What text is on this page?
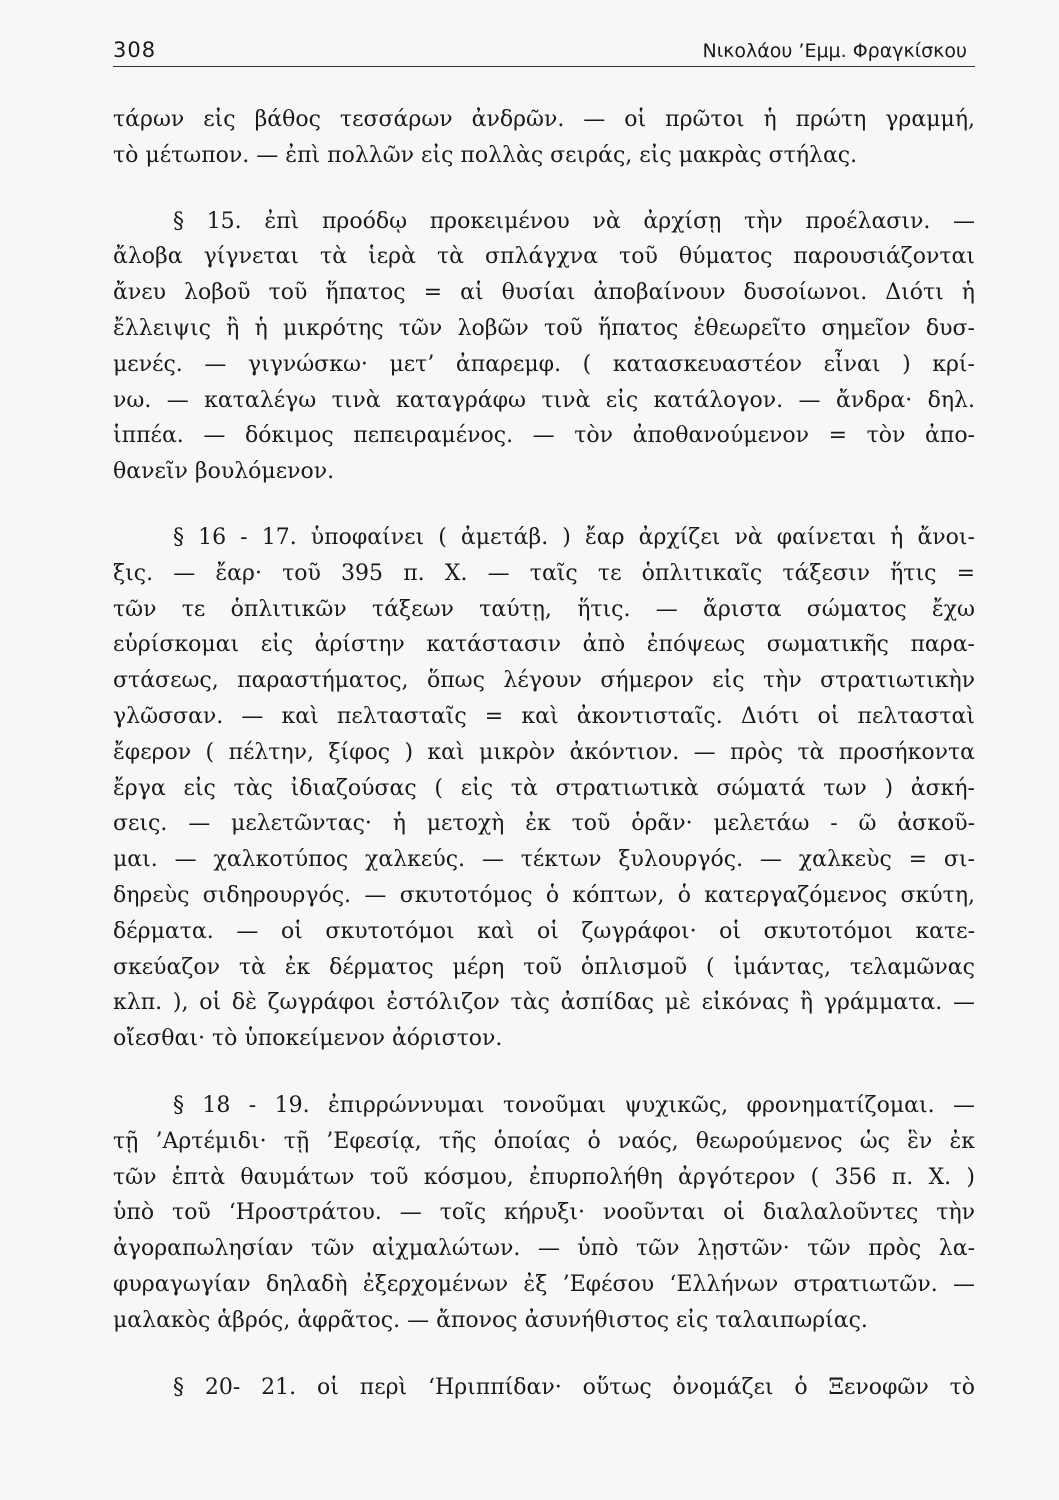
308	Νικολάου ’Εμμ. Φραγκίσκου
τάρων εἰς βάθος τεσσάρων ἀνδρῶν. — οἱ πρῶτοι ἡ πρώτη γραμμή,
τὸ μέτωπον. — ἐπὶ πολλῶν εἰς πολλὰς σειράς, εἰς μακρὰς στήλας.
§ 15. ἐπὶ προόδῳ προκειμένου νὰ ἀρχίσῃ τὴν προέλασιν. —
ἄλοβα γίγνεται τὰ ἱερὰ τὰ σπλάγχνα τοῦ θύματος παρουσιάζονται
ἄνευ λοβοῦ τοῦ ἥπατος = αἱ θυσίαι ἀποβαίνουν δυσοίωνοι. Διότι ἡ
ἔλλειψις ἢ ἡ μικρότης τῶν λοβῶν τοῦ ἥπατος ἐθεωρεῖτο σημεῖον δυσ-
μενές. — γιγνώσκω· μετ’ ἀπαρεμφ. ( κατασκευαστέον εἶναι ) κρί-
νω. — καταλέγω τινὰ καταγράφω τινὰ εἰς κατάλογον. — ἄνδρα· δηλ.
ἱππέα. — δόκιμος πεπειραμένος. — τὸν ἀποθανούμενον = τὸν ἀπο-
θανεῖν βουλόμενον.
§ 16 - 17. ὑποφαίνει ( ἀμετάβ. ) ἔαρ ἀρχίζει νὰ φαίνεται ἡ ἄνοι-
ξις. — ἔαρ· τοῦ 395 π. Χ. — ταῖς τε ὁπλιτικαῖς τάξεσιν ἥτις =
τῶν τε ὁπλιτικῶν τάξεων ταύτῃ, ἥτις. — ἄριστα σώματος ἔχω
εὑρίσκομαι εἰς ἀρίστην κατάστασιν ἀπὸ ἐπόψεως σωματικῆς παρα-
στάσεως, παραστήματος, ὅπως λέγουν σήμερον εἰς τὴν στρατιωτικὴν
γλῶσσαν. — καὶ πελτασταῖς = καὶ ἀκοντισταῖς. Διότι οἱ πελτασταὶ
ἔφερον ( πέλτην, ξίφος ) καὶ μικρὸν ἀκόντιον. — πρὸς τὰ προσήκοντα
ἔργα εἰς τὰς ἰδιαζούσας ( εἰς τὰ στρατιωτικὰ σώματά των ) ἀσκή-
σεις. — μελετῶντας· ἡ μετοχὴ ἐκ τοῦ ὁρᾶν· μελετάω - ῶ ἀσκοῦ-
μαι. — χαλκοτύπος χαλκεύς. — τέκτων ξυλουργός. — χαλκεὺς = σι-
δηρεὺς σιδηρουργός. — σκυτοτόμος ὁ κόπτων, ὁ κατεργαζόμενος σκύτη,
δέρματα. — οἱ σκυτοτόμοι καὶ οἱ ζωγράφοι· οἱ σκυτοτόμοι κατε-
σκεύαζον τὰ ἐκ δέρματος μέρη τοῦ ὁπλισμοῦ ( ἱμάντας, τελαμῶνας
κλπ. ), οἱ δὲ ζωγράφοι ἐστόλιζον τὰς ἀσπίδας μὲ εἰκόνας ἢ γράμματα. —
οἴεσθαι· τὸ ὑποκείμενον ἀόριστον.
§ 18 - 19. ἐπιρρώννυμαι τονοῦμαι ψυχικῶς, φρονηματίζομαι. —
τῇ ’Αρτέμιδι· τῇ ’Εφεσίᾳ, τῆς ὁποίας ὁ ναός, θεωρούμενος ὡς ἓν ἐκ
τῶν ἑπτὰ θαυμάτων τοῦ κόσμου, ἐπυρπολήθη ἀργότερον ( 356 π. Χ. )
ὑπὸ τοῦ ‘Ηροστράτου. — τοῖς κήρυξι· νοοῦνται οἱ διαλαλοῦντες τὴν
ἀγοραπωλησίαν τῶν αἰχμαλώτων. — ὑπὸ τῶν λῃστῶν· τῶν πρὸς λα-
φυραγωγίαν δηλαδὴ ἐξερχομένων ἐξ ’Εφέσου ‘Ελλήνων στρατιωτῶν. —
μαλακὸς ἁβρός, ἁφρᾶτος. — ἄπονος ἀσυνήθιστος εἰς ταλαιπωρίας.
§ 20- 21. οἱ περὶ ‘Ηριππίδαν· οὕτως ὀνομάζει ὁ Ξενοφῶν τὸ
